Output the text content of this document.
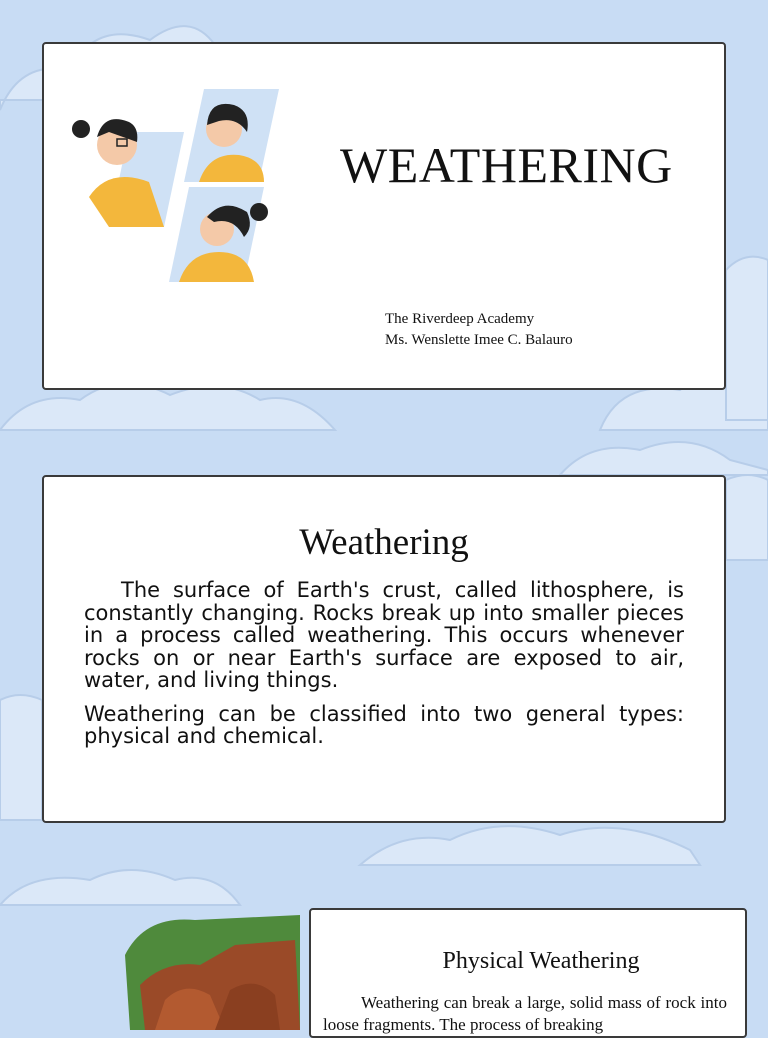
WEATHERING
The Riverdeep Academy
Ms. Wenslette Imee C. Balauro
Weathering

The surface of Earth's crust, called lithosphere, is constantly changing. Rocks break up into smaller pieces in a process called weathering. This occurs whenever rocks on or near Earth's surface are exposed to air, water, and living things.

Weathering can be classified into two general types: physical and chemical.

Physical Weathering
Weathering can break a large, solid mass of rock into loose fragments. The process of breaking
